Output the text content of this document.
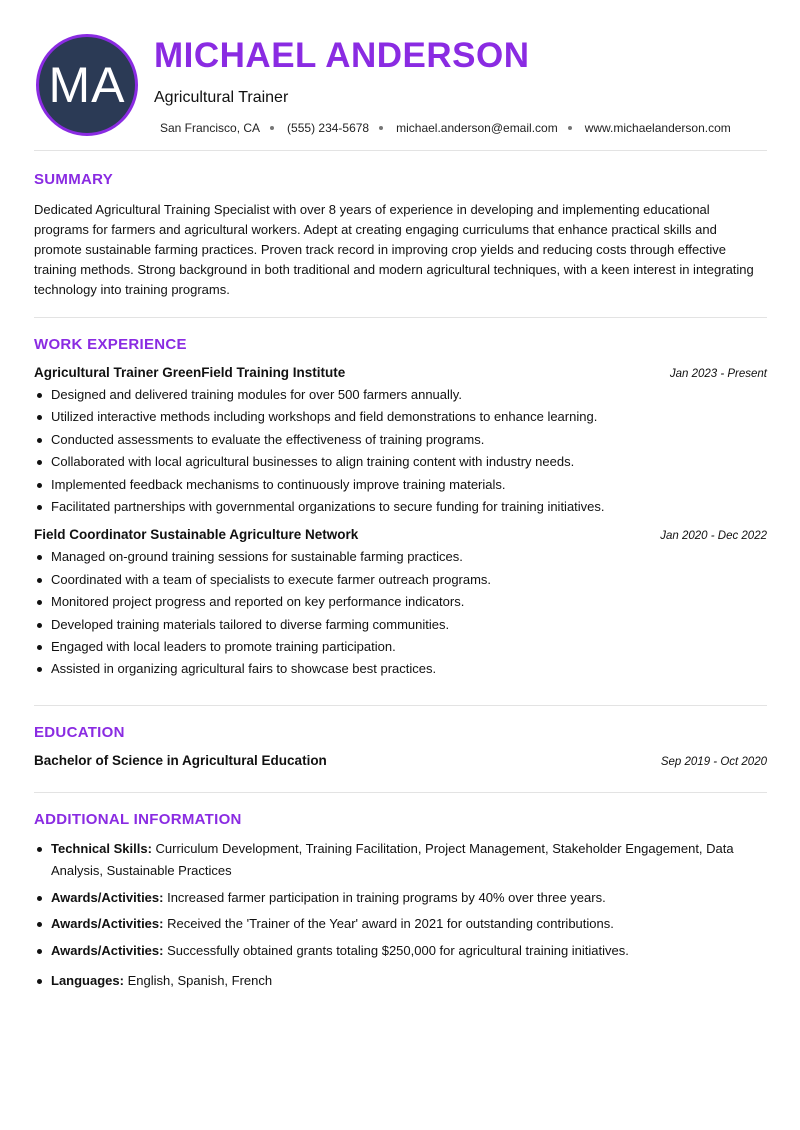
MA
MICHAEL ANDERSON
Agricultural Trainer
San Francisco, CA (555) 234-5678 michael.anderson@email.com www.michaelanderson.com
SUMMARY

Dedicated Agricultural Training Specialist with over 8 years of experience in developing and implementing educational programs for farmers and agricultural workers. Adept at creating engaging curriculums that enhance practical skills and promote sustainable farming practices. Proven track record in improving crop yields and reducing costs through effective training methods. Strong background in both traditional and modern agricultural techniques, with a keen interest in integrating technology into training programs.

WORK EXPERIENCE
Agricultural Trainer GreenField Training Institute	Jan 2023 - Present
Designed and delivered training modules for over 500 farmers annually.
Utilized interactive methods including workshops and field demonstrations to enhance learning.
Conducted assessments to evaluate the effectiveness of training programs.
Collaborated with local agricultural businesses to align training content with industry needs.
Implemented feedback mechanisms to continuously improve training materials.
Facilitated partnerships with governmental organizations to secure funding for training initiatives.
Field Coordinator Sustainable Agriculture Network	Jan 2020 - Dec 2022
Managed on-ground training sessions for sustainable farming practices.
Coordinated with a team of specialists to execute farmer outreach programs.
Monitored project progress and reported on key performance indicators.
Developed training materials tailored to diverse farming communities.
Engaged with local leaders to promote training participation.
Assisted in organizing agricultural fairs to showcase best practices.
EDUCATION
Bachelor of Science in Agricultural Education	Sep 2019 - Oct 2020
ADDITIONAL INFORMATION
Technical Skills: Curriculum Development, Training Facilitation, Project Management, Stakeholder Engagement, Data Analysis, Sustainable Practices
Awards/Activities: Increased farmer participation in training programs by 40% over three years.
Awards/Activities: Received the 'Trainer of the Year' award in 2021 for outstanding contributions.
Awards/Activities: Successfully obtained grants totaling $250,000 for agricultural training initiatives.
Languages: English, Spanish, French
